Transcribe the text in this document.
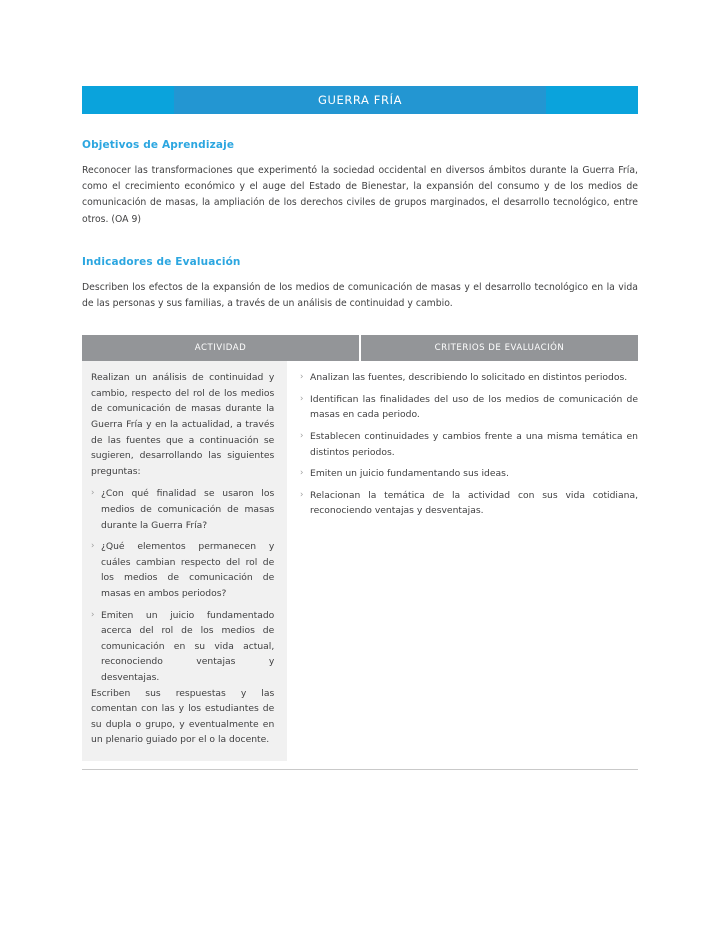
GUERRA FRÍA
Objetivos de Aprendizaje
Reconocer las transformaciones que experimentó la sociedad occidental en diversos ámbitos durante la Guerra Fría, como el crecimiento económico y el auge del Estado de Bienestar, la expansión del consumo y de los medios de comunicación de masas, la ampliación de los derechos civiles de grupos marginados, el desarrollo tecnológico, entre otros. (OA 9)
Indicadores de Evaluación
Describen los efectos de la expansión de los medios de comunicación de masas y el desarrollo tecnológico en la vida de las personas y sus familias, a través de un análisis de continuidad y cambio.
ACTIVIDAD	CRITERIOS DE EVALUACIÓN
Realizan un análisis de continuidad y cambio, respecto del rol de los medios de comunicación de masas durante la Guerra Fría y en la actualidad, a través de las fuentes que a continuación se sugieren, desarrollando las siguientes preguntas:
› ¿Con qué finalidad se usaron los medios de comunicación de masas durante la Guerra Fría?
› ¿Qué elementos permanecen y cuáles cambian respecto del rol de los medios de comunicación de masas en ambos periodos?
› Emiten un juicio fundamentado acerca del rol de los medios de comunicación en su vida actual, reconociendo ventajas y desventajas.
Escriben sus respuestas y las comentan con las y los estudiantes de su dupla o grupo, y eventualmente en un plenario guiado por el o la docente.
› Analizan las fuentes, describiendo lo solicitado en distintos periodos.
› Identifican las finalidades del uso de los medios de comunicación de masas en cada periodo.
› Establecen continuidades y cambios frente a una misma temática en distintos periodos.
› Emiten un juicio fundamentando sus ideas.
› Relacionan la temática de la actividad con sus vida cotidiana, reconociendo ventajas y desventajas.
